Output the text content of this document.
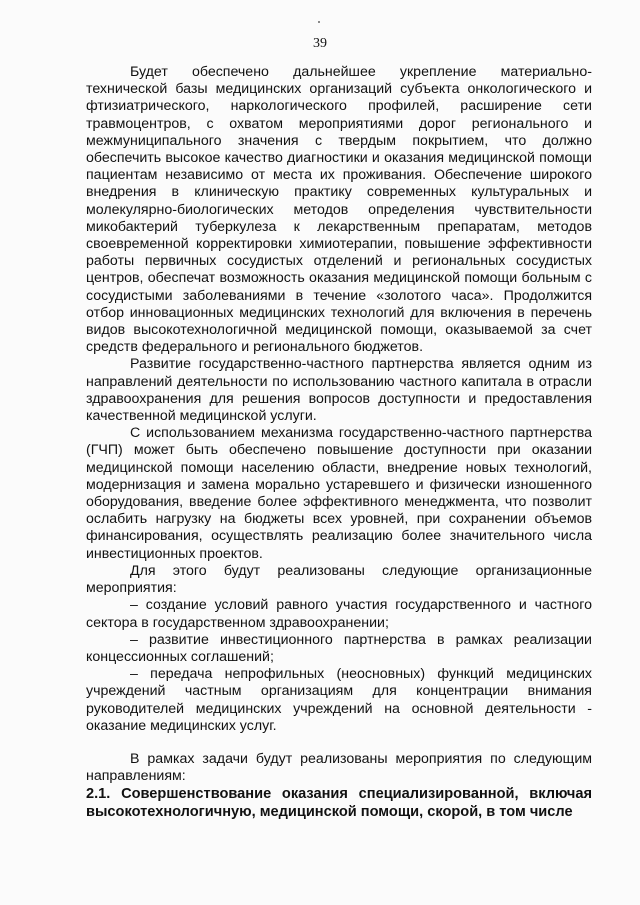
39

Будет обеспечено дальнейшее укрепление материально-технической базы медицинских организаций субъекта онкологического и фтизиатрического, наркологического профилей, расширение сети травмоцентров, с охватом мероприятиями дорог регионального и межмуниципального значения с твердым покрытием, что должно обеспечить высокое качество диагностики и оказания медицинской помощи пациентам независимо от места их проживания. Обеспечение широкого внедрения в клиническую практику современных культуральных и молекулярно-биологических методов определения чувствительности микобактерий туберкулеза к лекарственным препаратам, методов своевременной корректировки химиотерапии, повышение эффективности работы первичных сосудистых отделений и региональных сосудистых центров, обеспечат возможность оказания медицинской помощи больным с сосудистыми заболеваниями в течение «золотого часа». Продолжится отбор инновационных медицинских технологий для включения в перечень видов высокотехнологичной медицинской помощи, оказываемой за счет средств федерального и регионального бюджетов.

Развитие государственно-частного партнерства является одним из направлений деятельности по использованию частного капитала в отрасли здравоохранения для решения вопросов доступности и предоставления качественной медицинской услуги.

С использованием механизма государственно-частного партнерства (ГЧП) может быть обеспечено повышение доступности при оказании медицинской помощи населению области, внедрение новых технологий, модернизация и замена морально устаревшего и физически изношенного оборудования, введение более эффективного менеджмента, что позволит ослабить нагрузку на бюджеты всех уровней, при сохранении объемов финансирования, осуществлять реализацию более значительного числа инвестиционных проектов.

Для этого будут реализованы следующие организационные мероприятия:

– создание условий равного участия государственного и частного сектора в государственном здравоохранении;

– развитие инвестиционного партнерства в рамках реализации концессионных соглашений;

– передача непрофильных (неосновных) функций медицинских учреждений частным организациям для концентрации внимания руководителей медицинских учреждений на основной деятельности - оказание медицинских услуг.

В рамках задачи будут реализованы мероприятия по следующим направлениям:

2.1. Совершенствование оказания специализированной, включая высокотехнологичную, медицинской помощи, скорой, в том числе
